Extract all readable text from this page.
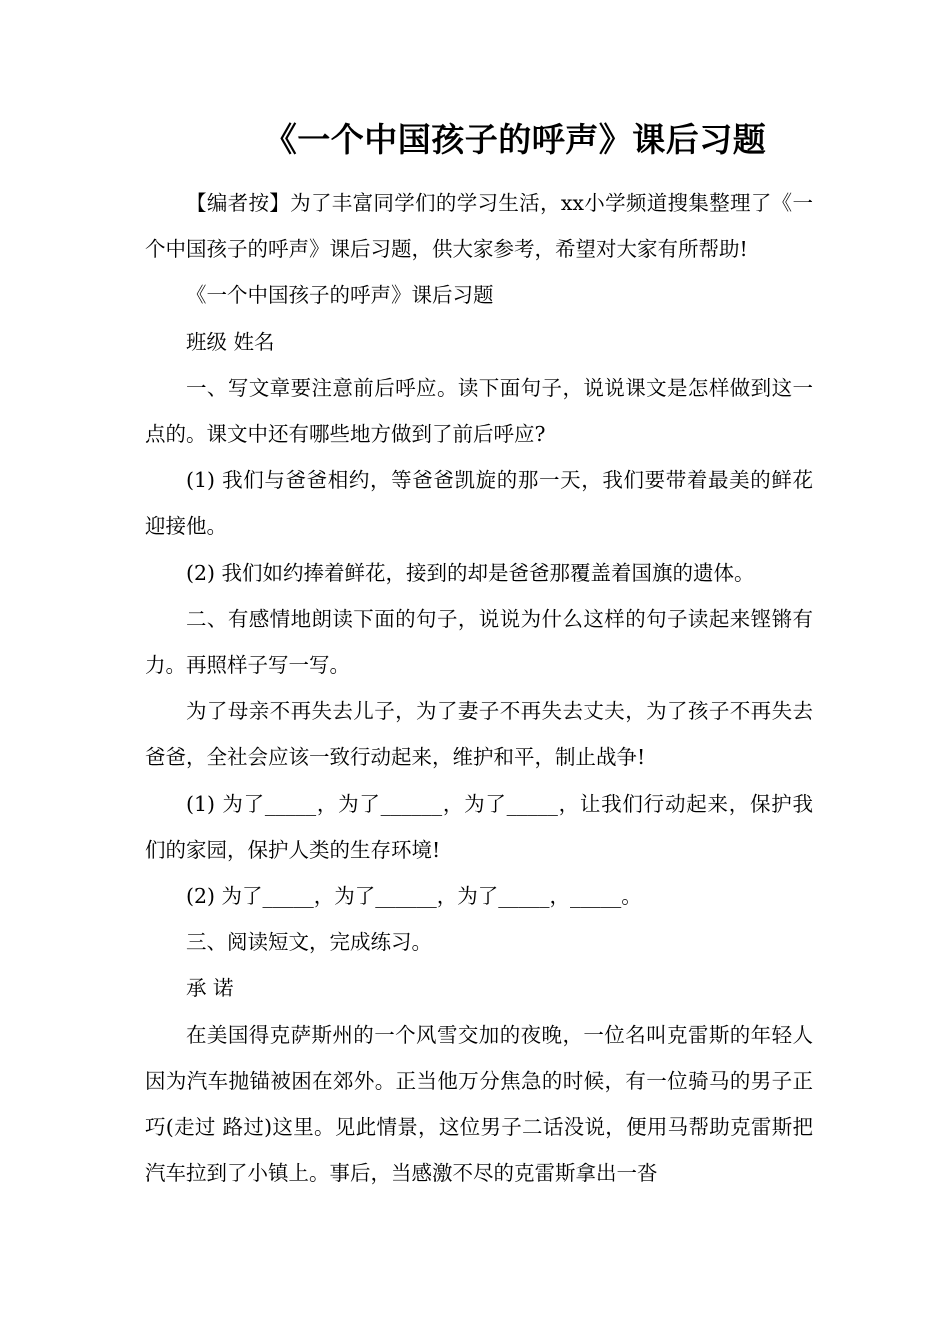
《一个中国孩子的呼声》课后习题

【编者按】为了丰富同学们的学习生活，xx小学频道搜集整理了《一个中国孩子的呼声》课后习题，供大家参考，希望对大家有所帮助!

《一个中国孩子的呼声》课后习题

班级 姓名

一、写文章要注意前后呼应。读下面句子，说说课文是怎样做到这一点的。课文中还有哪些地方做到了前后呼应?

(1) 我们与爸爸相约，等爸爸凯旋的那一天，我们要带着最美的鲜花迎接他。

(2) 我们如约捧着鲜花，接到的却是爸爸那覆盖着国旗的遗体。

二、有感情地朗读下面的句子，说说为什么这样的句子读起来铿锵有力。再照样子写一写。

为了母亲不再失去儿子，为了妻子不再失去丈夫，为了孩子不再失去爸爸，全社会应该一致行动起来，维护和平，制止战争!

(1) 为了_____，为了______，为了_____，让我们行动起来，保护我们的家园，保护人类的生存环境!

(2) 为了_____，为了______，为了_____，_____。

三、阅读短文，完成练习。

承 诺

在美国得克萨斯州的一个风雪交加的夜晚，一位名叫克雷斯的年轻人因为汽车抛锚被困在郊外。正当他万分焦急的时候，有一位骑马的男子正巧(走过 路过)这里。见此情景，这位男子二话没说，便用马帮助克雷斯把汽车拉到了小镇上。事后，当感激不尽的克雷斯拿出一沓
